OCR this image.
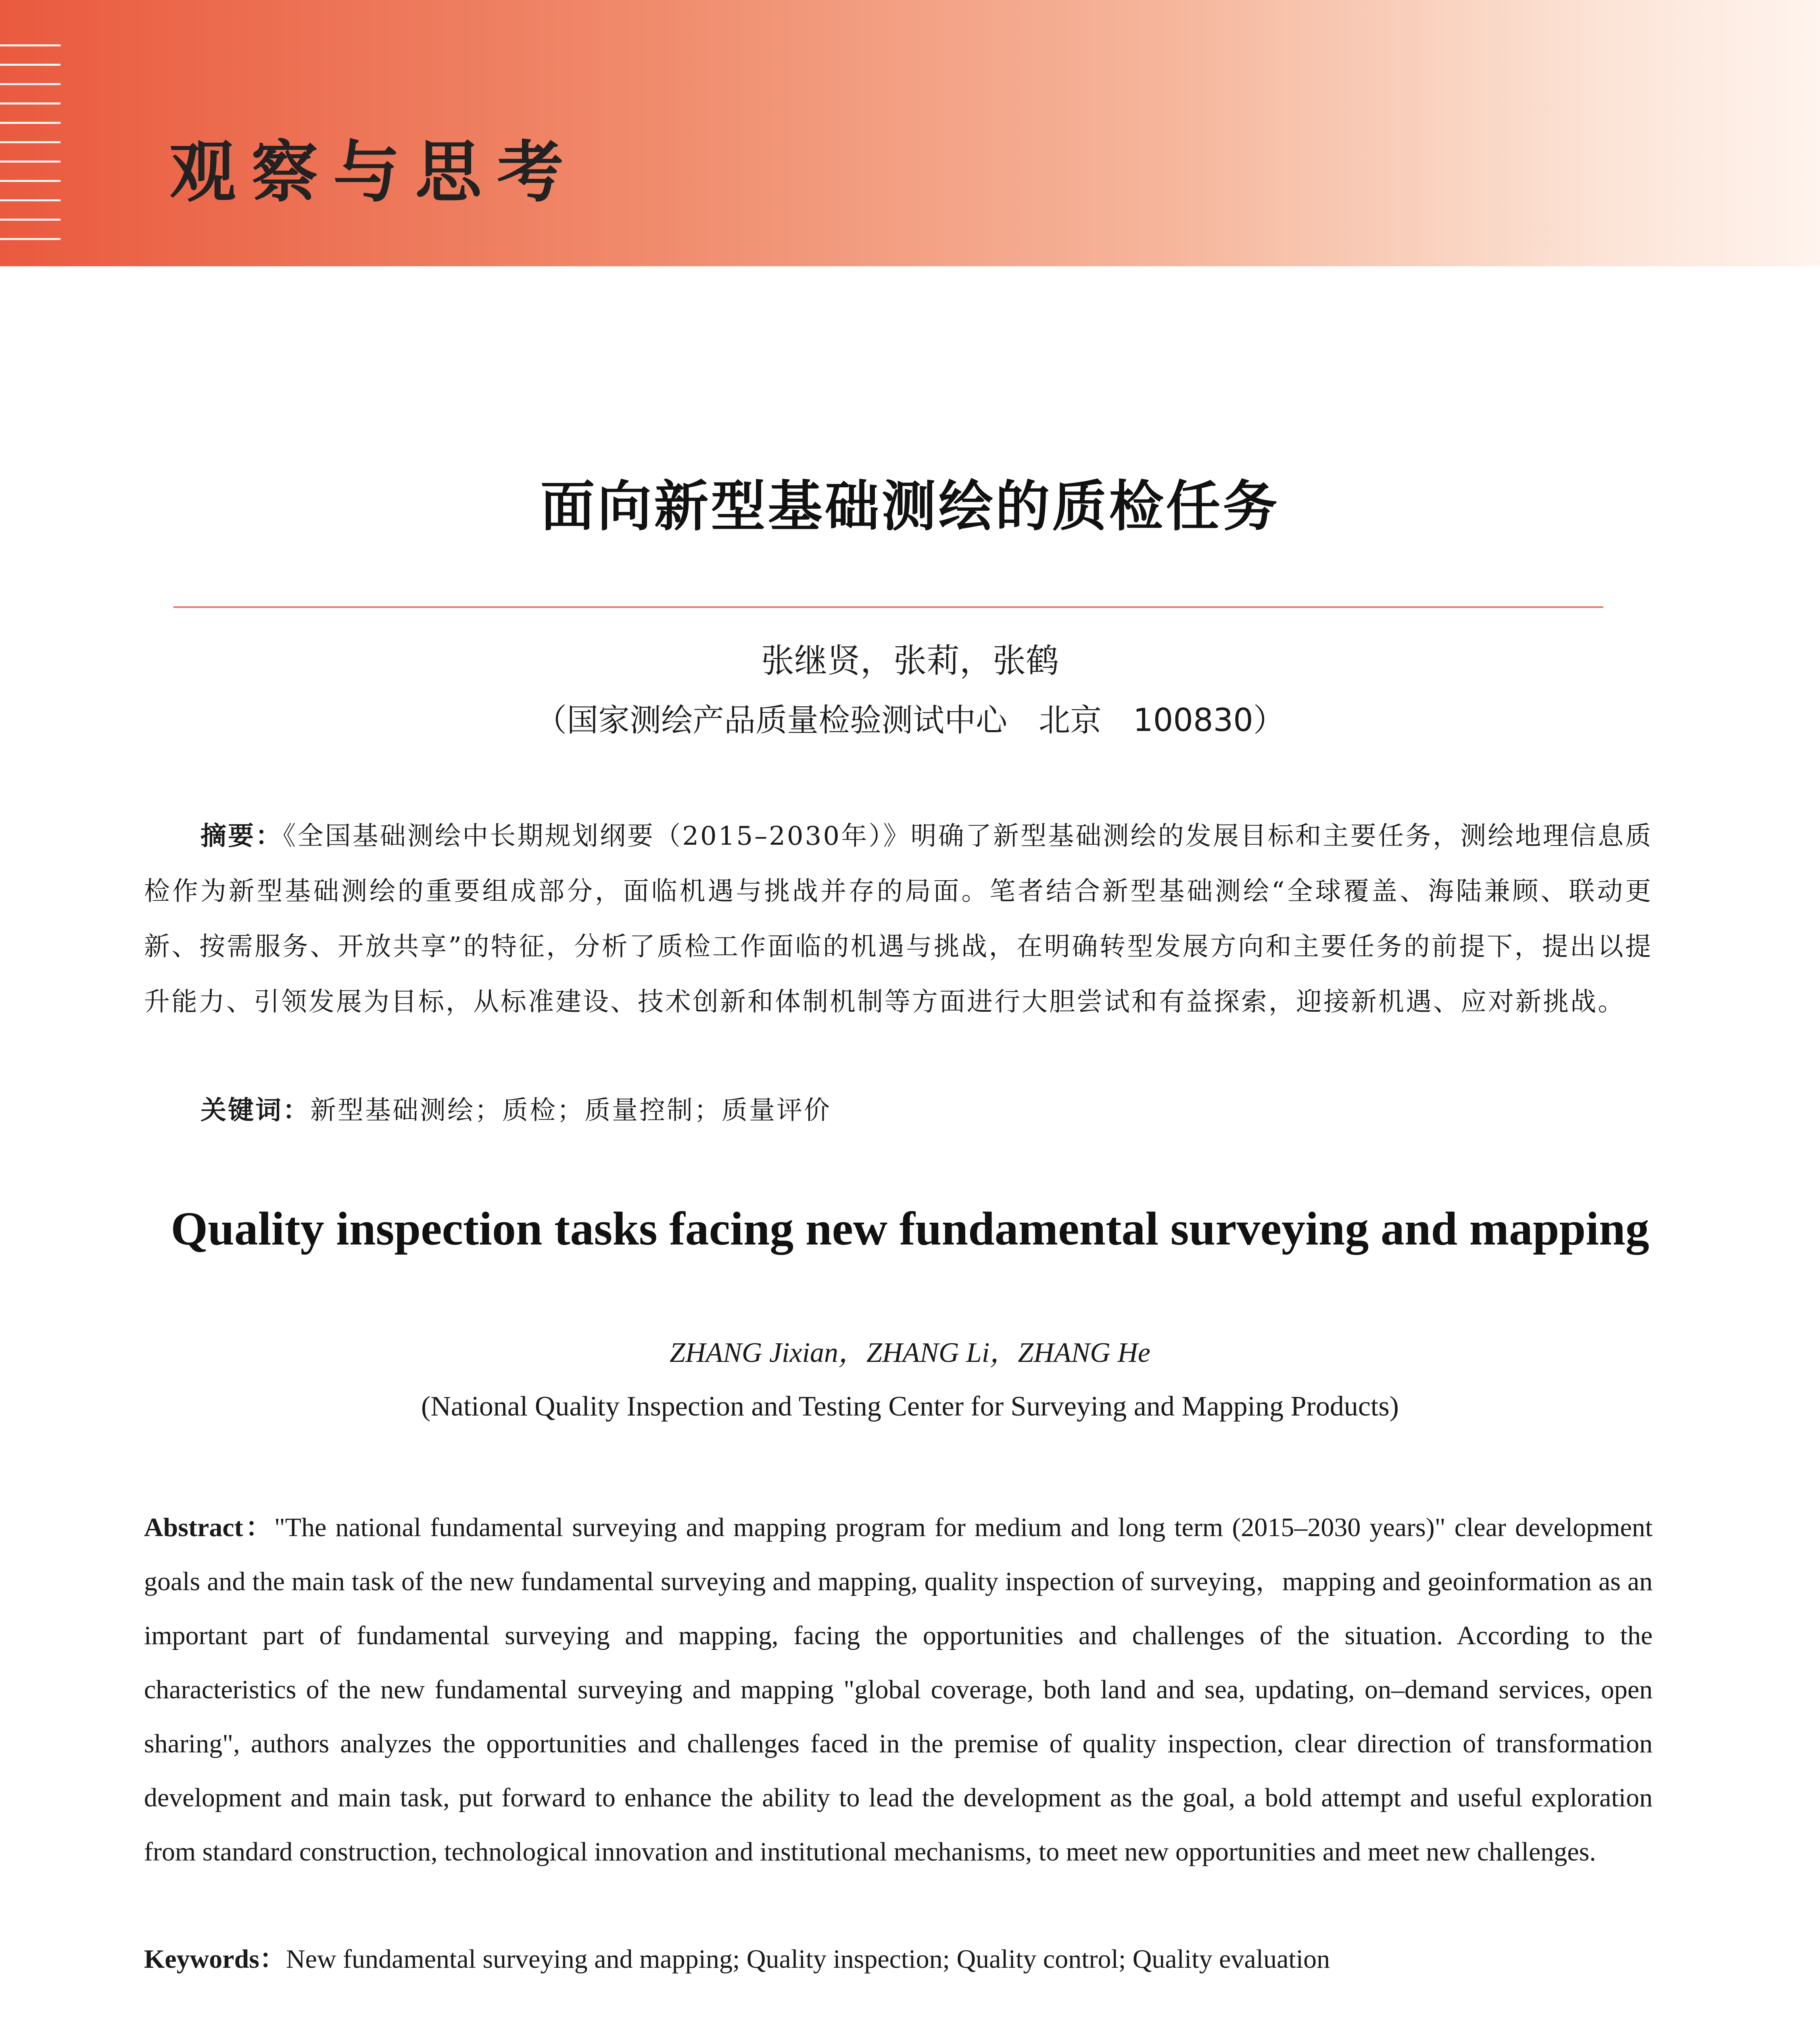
观察与思考
面向新型基础测绘的质检任务
张继贤，张莉，张鹤
（国家测绘产品质量检验测试中心　北京　100830）
摘要：《全国基础测绘中长期规划纲要（2015–2030年）》明确了新型基础测绘的发展目标和主要任务，测绘地理信息质检作为新型基础测绘的重要组成部分，面临机遇与挑战并存的局面。笔者结合新型基础测绘“全球覆盖、海陆兼顾、联动更新、按需服务、开放共享”的特征，分析了质检工作面临的机遇与挑战，在明确转型发展方向和主要任务的前提下，提出以提升能力、引领发展为目标，从标准建设、技术创新和体制机制等方面进行大胆尝试和有益探索，迎接新机遇、应对新挑战。
关键词：新型基础测绘；质检；质量控制；质量评价
Quality inspection tasks facing new fundamental surveying and mapping
ZHANG Jixian，ZHANG Li，ZHANG He
(National Quality Inspection and Testing Center for Surveying and Mapping Products)
Abstract："The national fundamental surveying and mapping program for medium and long term (2015–2030 years)" clear development goals and the main task of the new fundamental surveying and mapping, quality inspection of surveying，mapping and geoinformation as an important part of fundamental surveying and mapping, facing the opportunities and challenges of the situation. According to the characteristics of the new fundamental surveying and mapping "global coverage, both land and sea, updating, on–demand services, open sharing", authors analyzes the opportunities and challenges faced in the premise of quality inspection, clear direction of transformation development and main task, put forward to enhance the ability to lead the development as the goal, a bold attempt and useful exploration from standard construction, technological innovation and institutional mechanisms, to meet new opportunities and meet new challenges.
Keywords：New fundamental surveying and mapping; Quality inspection; Quality control; Quality evaluation
